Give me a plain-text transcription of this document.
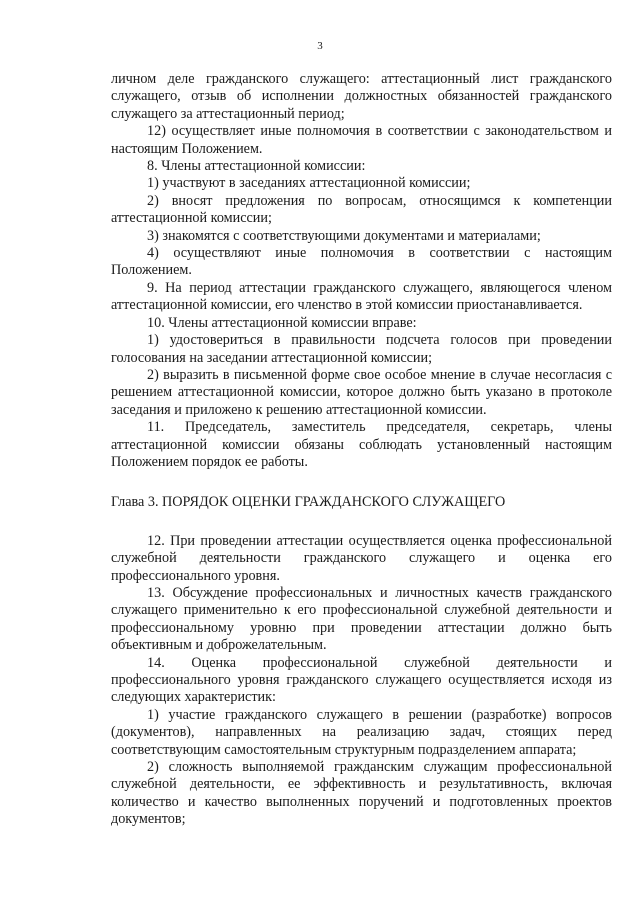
3

личном деле гражданского служащего: аттестационный лист гражданского служащего, отзыв об исполнении должностных обязанностей гражданского служащего за аттестационный период;

12) осуществляет иные полномочия в соответствии с законодательством и настоящим Положением.

8. Члены аттестационной комиссии:

1) участвуют в заседаниях аттестационной комиссии;

2) вносят предложения по вопросам, относящимся к компетенции аттестационной комиссии;

3) знакомятся с соответствующими документами и материалами;

4) осуществляют иные полномочия в соответствии с настоящим Положением.

9. На период аттестации гражданского служащего, являющегося членом аттестационной комиссии, его членство в этой комиссии приостанавливается.

10. Члены аттестационной комиссии вправе:

1) удостовериться в правильности подсчета голосов при проведении голосования на заседании аттестационной комиссии;

2) выразить в письменной форме свое особое мнение в случае несогласия с решением аттестационной комиссии, которое должно быть указано в протоколе заседания и приложено к решению аттестационной комиссии.

11. Председатель, заместитель председателя, секретарь, члены аттестационной комиссии обязаны соблюдать установленный настоящим Положением порядок ее работы.

Глава 3. ПОРЯДОК ОЦЕНКИ ГРАЖДАНСКОГО СЛУЖАЩЕГО

12. При проведении аттестации осуществляется оценка профессиональной служебной деятельности гражданского служащего и оценка его профессионального уровня.

13. Обсуждение профессиональных и личностных качеств гражданского служащего применительно к его профессиональной служебной деятельности и профессиональному уровню при проведении аттестации должно быть объективным и доброжелательным.

14. Оценка профессиональной служебной деятельности и профессионального уровня гражданского служащего осуществляется исходя из следующих характеристик:

1) участие гражданского служащего в решении (разработке) вопросов (документов), направленных на реализацию задач, стоящих перед соответствующим самостоятельным структурным подразделением аппарата;

2) сложность выполняемой гражданским служащим профессиональной служебной деятельности, ее эффективность и результативность, включая количество и качество выполненных поручений и подготовленных проектов документов;
